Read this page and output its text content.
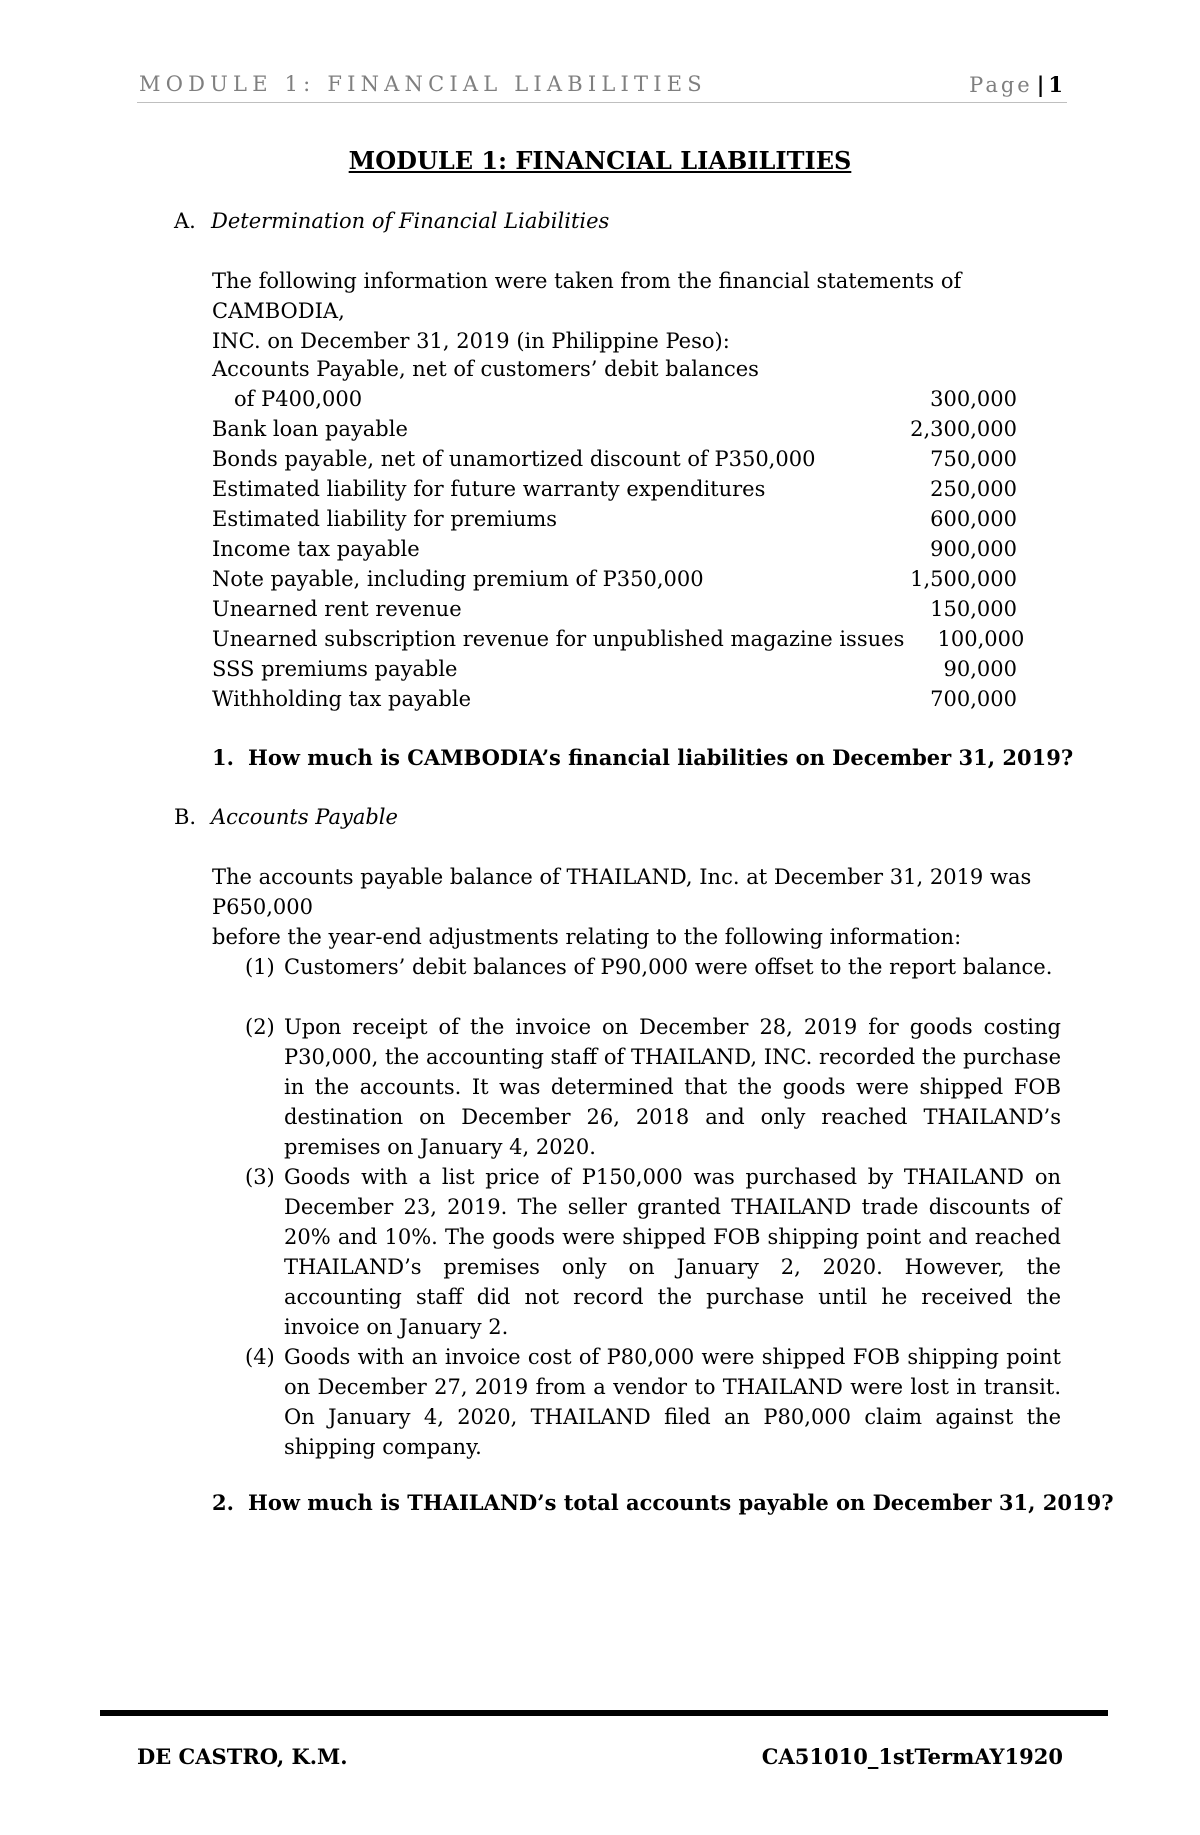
MODULE 1: FINANCIAL LIABILITIES	Page | 1
MODULE 1: FINANCIAL LIABILITIES
A. Determination of Financial Liabilities
The following information were taken from the financial statements of CAMBODIA,
INC. on December 31, 2019 (in Philippine Peso):
Accounts Payable, net of customers’ debit balances
of P400,000	300,000
Bank loan payable	2,300,000
Bonds payable, net of unamortized discount of P350,000	750,000
Estimated liability for future warranty expenditures	250,000
Estimated liability for premiums	600,000
Income tax payable	900,000
Note payable, including premium of P350,000	1,500,000
Unearned rent revenue	150,000
Unearned subscription revenue for unpublished magazine issues	100,000
SSS premiums payable	90,000
Withholding tax payable	700,000
1. How much is CAMBODIA’s financial liabilities on December 31, 2019?
B. Accounts Payable
The accounts payable balance of THAILAND, Inc. at December 31, 2019 was P650,000
before the year-end adjustments relating to the following information:
(1) Customers’ debit balances of P90,000 were offset to the report balance.
(2) Upon receipt of the invoice on December 28, 2019 for goods costing P30,000, the accounting staff of THAILAND, INC. recorded the purchase in the accounts. It was determined that the goods were shipped FOB destination on December 26, 2018 and only reached THAILAND’s premises on January 4, 2020.
(3) Goods with a list price of P150,000 was purchased by THAILAND on December 23, 2019. The seller granted THAILAND trade discounts of 20% and 10%. The goods were shipped FOB shipping point and reached THAILAND’s premises only on January 2, 2020. However, the accounting staff did not record the purchase until he received the invoice on January 2.
(4) Goods with an invoice cost of P80,000 were shipped FOB shipping point on December 27, 2019 from a vendor to THAILAND were lost in transit. On January 4, 2020, THAILAND filed an P80,000 claim against the shipping company.
2. How much is THAILAND’s total accounts payable on December 31, 2019?
DE CASTRO, K.M.	CA51010_1stTermAY1920
